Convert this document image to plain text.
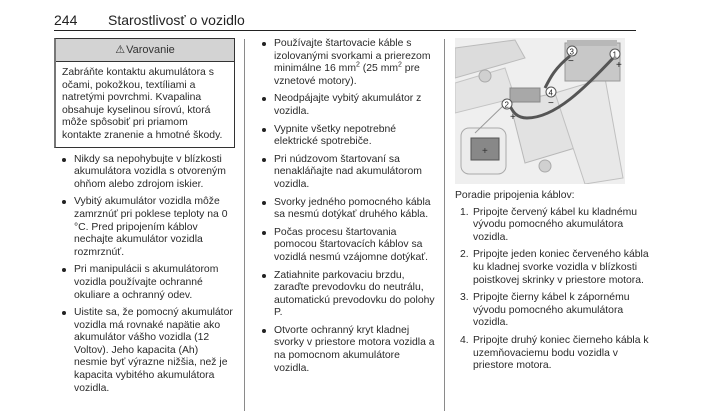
244 Starostlivosť o vozidlo
⚠ Varovanie
Zabráňte kontaktu akumulátora s očami, pokožkou, textíliami a natretými povrchmi. Kvapalina obsahuje kyselinou sírovú, ktorá môže spôsobiť pri priamom kontakte zranenie a hmotné škody.
Nikdy sa nepohybujte v blízkosti akumulátora vozidla s otvoreným ohňom alebo zdrojom iskier.
Vybitý akumulátor vozidla môže zamrznúť pri poklese teploty na 0 °C. Pred pripojením káblov nechajte akumulátor vozidla rozmrznúť.
Pri manipulácii s akumulátorom vozidla používajte ochranné okuliare a ochranný odev.
Uistite sa, že pomocný akumulátor vozidla má rovnaké napätie ako akumulátor vášho vozidla (12 Voltov). Jeho kapacita (Ah) nesmie byť výrazne nižšia, než je kapacita vybitého akumulátora vozidla.
Používajte štartovacie káble s izolovanými svorkami a prierezom minimálne 16 $mm^2$ (25 $mm^2$ pre vznetové motory).
Neodpájajte vybitý akumulátor z vozidla.
Vypnite všetky nepotrebné elektrické spotrebiče.
Pri núdzovom štartovaní sa nenakláňajte nad akumulátorom vozidla.
Svorky jedného pomocného kábla sa nesmú dotýkať druhého kábla.
Počas procesu štartovania pomocou štartovacích káblov sa vozidlá nesmú vzájomne dotýkať.
Zatiahnite parkovaciu brzdu, zaraďte prevodovku do neutrálu, automatickú prevodovku do polohy P.
Otvorte ochranný kryt kladnej svorky v priestore motora vozidla a na pomocnom akumulátore vozidla.
+
1
+
3
−
2
+
4
−
Poradie pripojenia káblov:
1. Pripojte červený kábel ku kladnému vývodu pomocného akumulátora vozidla.
2. Pripojte jeden koniec červeného kábla ku kladnej svorke vozidla v blízkosti poistkovej skrinky v priestore motora.
3. Pripojte čierny kábel k zápornému vývodu pomocného akumulátora vozidla.
4. Pripojte druhý koniec čierneho kábla k uzemňovaciemu bodu vozidla v priestore motora.
